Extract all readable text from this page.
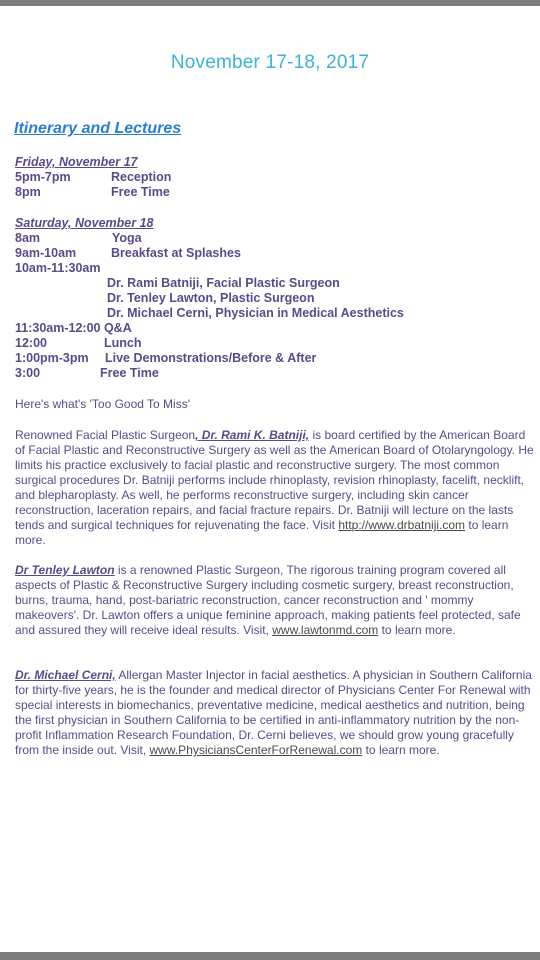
November 17-18, 2017
Itinerary and Lectures
Friday, November 17
5pm-7pm	Reception
8pm	Free Time
Saturday, November 18
8am	Yoga
9am-10am	Breakfast at Splashes
10am-11:30am
Dr. Rami Batniji, Facial Plastic Surgeon
Dr. Tenley Lawton, Plastic Surgeon
Dr. Michael Cerni, Physician in Medical Aesthetics
11:30am-12:00 Q&A
12:00	Lunch
1:00pm-3pm Live Demonstrations/Before & After
3:00	Free Time
Here's what's 'Too Good To Miss'
Renowned Facial Plastic Surgeon, Dr. Rami K. Batniji, is board certified by the American Board of Facial Plastic and Reconstructive Surgery as well as the American Board of Otolaryngology. He limits his practice exclusively to facial plastic and reconstructive surgery. The most common surgical procedures Dr. Batniji performs include rhinoplasty, revision rhinoplasty, facelift, necklift, and blepharoplasty. As well, he performs reconstructive surgery, including skin cancer reconstruction, laceration repairs, and facial fracture repairs. Dr. Batniji will lecture on the lasts tends and surgical techniques for rejuvenating the face. Visit http://www.drbatniji.com to learn more.
Dr Tenley Lawton is a renowned Plastic Surgeon, The rigorous training program covered all aspects of Plastic & Reconstructive Surgery including cosmetic surgery, breast reconstruction, burns, trauma, hand, post-bariatric reconstruction, cancer reconstruction and ' mommy makeovers'. Dr. Lawton offers a unique feminine approach, making patients feel protected, safe and assured they will receive ideal results. Visit, www.lawtonmd.com to learn more.
Dr. Michael Cerni, Allergan Master Injector in facial aesthetics. A physician in Southern California for thirty-five years, he is the founder and medical director of Physicians Center For Renewal with special interests in biomechanics, preventative medicine, medical aesthetics and nutrition, being the first physician in Southern California to be certified in anti-inflammatory nutrition by the non-profit Inflammation Research Foundation, Dr. Cerni believes, we should grow young gracefully from the inside out. Visit, www.PhysiciansCenterForRenewal.com to learn more.
